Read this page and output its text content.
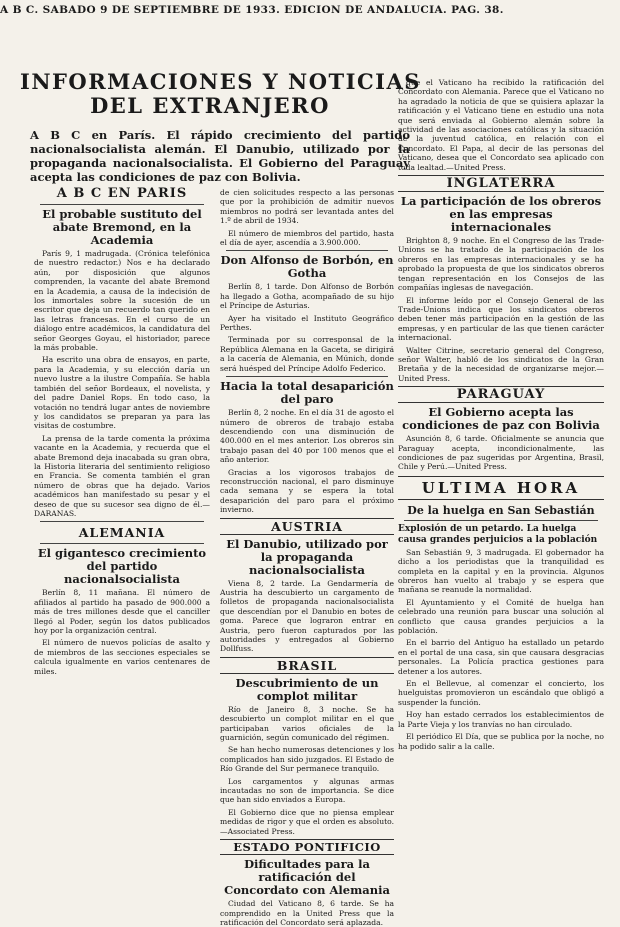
A B C. SABADO 9 DE SEPTIEMBRE DE 1933. EDICION DE ANDALUCIA. PAG. 38.
INFORMACIONES Y NOTICIAS
DEL EXTRANJERO
A B C en París. El rápido crecimiento del partido nacionalsocialista alemán. El Danubio, utilizado por la propaganda nacionalsocialista. El Gobierno del Paraguay acepta las condiciones de paz con Bolivia.
A B C EN PARIS
El probable sustituto del abate Bremond, en la Academia

París 9, 1 madrugada. (Crónica telefónica de nuestro redactor.) Nos e ha declarado aún, por disposición que algunos comprenden, la vacante del abate Bremond en la Academia, a causa de la indecisión de los inmortales sobre la sucesión de un escritor que deja un recuerdo tan querido en las letras francesas. En el curso de un diálogo entre académicos, la candidatura del señor Georges Goyau, el historiador, parece la más probable.

Ha escrito una obra de ensayos, en parte, para la Academia, y su elección daría un nuevo lustre a la ilustre Compañía. Se habla también del señor Bordeaux, el novelista, y del padre Daniel Rops. En todo caso, la votación no tendrá lugar antes de noviembre y los candidatos se preparan ya para las visitas de costumbre.

La prensa de la tarde comenta la próxima vacante en la Academia, y recuerda que el abate Bremond deja inacabada su gran obra, la Historia literaria del sentimiento religioso en Francia. Se comenta también el gran número de obras que ha dejado. Varios académicos han manifestado su pesar y el deseo de que su sucesor sea digno de él.—DARANAS.

ALEMANIA
El gigantesco crecimiento del partido nacionalsocialista

Berlín 8, 11 mañana. El número de afiliados al partido ha pasado de 900.000 a más de tres millones desde que el canciller llegó al Poder, según los datos publicados hoy por la organización central.

El número de nuevos policías de asalto y de miembros de las secciones especiales se calcula igualmente en varios centenares de miles.

de cien solicitudes respecto a las personas que por la prohibición de admitir nuevos miembros no podrá ser levantada antes del 1.º de abril de 1934.

El número de miembros del partido, hasta el día de ayer, ascendía a 3.900.000.

Don Alfonso de Borbón, en Gotha

Berlín 8, 1 tarde. Don Alfonso de Borbón ha llegado a Gotha, acompañado de su hijo el Príncipe de Asturias.

Ayer ha visitado el Instituto Geográfico Perthes.

Terminada por su corresponsal de la República Alemana en la Gaceta, se dirigirá a la cacería de Alemania, en Múnich, donde será huésped del Príncipe Adolfo Federico.

Hacia la total desaparición del paro

Berlín 8, 2 noche. En el día 31 de agosto el número de obreros de trabajo estaba descendiendo con una disminución de 400.000 en el mes anterior. Los obreros sin trabajo pasan del 40 por 100 menos que el año anterior.

Gracias a los vigorosos trabajos de reconstrucción nacional, el paro disminuye cada semana y se espera la total desaparición del paro para el próximo invierno.

AUSTRIA
El Danubio, utilizado por la propaganda nacionalsocialista

Viena 8, 2 tarde. La Gendarmería de Austria ha descubierto un cargamento de folletos de propaganda nacionalsocialista que descendían por el Danubio en botes de goma. Parece que lograron entrar en Austria, pero fueron capturados por las autoridades y entregados al Gobierno Dollfuss.

BRASIL
Descubrimiento de un complot militar

Río de Janeiro 8, 3 noche. Se ha descubierto un complot militar en el que participaban varios oficiales de la guarnición, según comunicado del régimen.

Se han hecho numerosas detenciones y los complicados han sido juzgados. El Estado de Río Grande del Sur permanece tranquilo.

Los cargamentos y algunas armas incautadas no son de importancia. Se dice que han sido enviados a Europa.

El Gobierno dice que no piensa emplear medidas de rigor y que el orden es absoluto.—Associated Press.

ESTADO PONTIFICIO
Dificultades para la ratificación del Concordato con Alemania

Ciudad del Vaticano 8, 6 tarde. Se ha comprendido en la United Press que la ratificación del Concordato será aplazada.

que el Vaticano ha recibido la ratificación del Concordato con Alemania. Parece que el Vaticano no ha agradado la noticia de que se quisiera aplazar la ratificación y el Vaticano tiene en estudio una nota que será enviada al Gobierno alemán sobre la actividad de las asociaciones católicas y la situación de la juventud católica, en relación con el Concordato. El Papa, al decir de las personas del Vaticano, desea que el Concordato sea aplicado con toda lealtad.—United Press.

INGLATERRA
La participación de los obreros en las empresas internacionales

Brighton 8, 9 noche. En el Congreso de las Trade-Unions se ha tratado de la participación de los obreros en las empresas internacionales y se ha aprobado la propuesta de que los sindicatos obreros tengan representación en los Consejos de las compañías inglesas de navegación.

El informe leído por el Consejo General de las Trade-Unions indica que los sindicatos obreros deben tener más participación en la gestión de las empresas, y en particular de las que tienen carácter internacional.

Walter Citrine, secretario general del Congreso, señor Walter, habló de los sindicatos de la Gran Bretaña y de la necesidad de organizarse mejor.—United Press.

PARAGUAY
El Gobierno acepta las condiciones de paz con Bolivia

Asunción 8, 6 tarde. Oficialmente se anuncia que Paraguay acepta, incondicionalmente, las condiciones de paz sugeridas por Argentina, Brasil, Chile y Perú.—United Press.

ULTIMA HORA
De la huelga en San Sebastián
Explosión de un petardo. La huelga causa grandes perjuicios a la población

San Sebastián 9, 3 madrugada. El gobernador ha dicho a los periodistas que la tranquilidad es completa en la capital y en la provincia. Algunos obreros han vuelto al trabajo y se espera que mañana se reanude la normalidad.

El Ayuntamiento y el Comité de huelga han celebrado una reunión para buscar una solución al conflicto que causa grandes perjuicios a la población.

En el barrio del Antiguo ha estallado un petardo en el portal de una casa, sin que causara desgracias personales. La Policía practica gestiones para detener a los autores.

En el Bellevue, al comenzar el concierto, los huelguistas promovieron un escándalo que obligó a suspender la función.

Hoy han estado cerrados los establecimientos de la Parte Vieja y los tranvías no han circulado.

El periódico El Día, que se publica por la noche, no ha podido salir a la calle.
